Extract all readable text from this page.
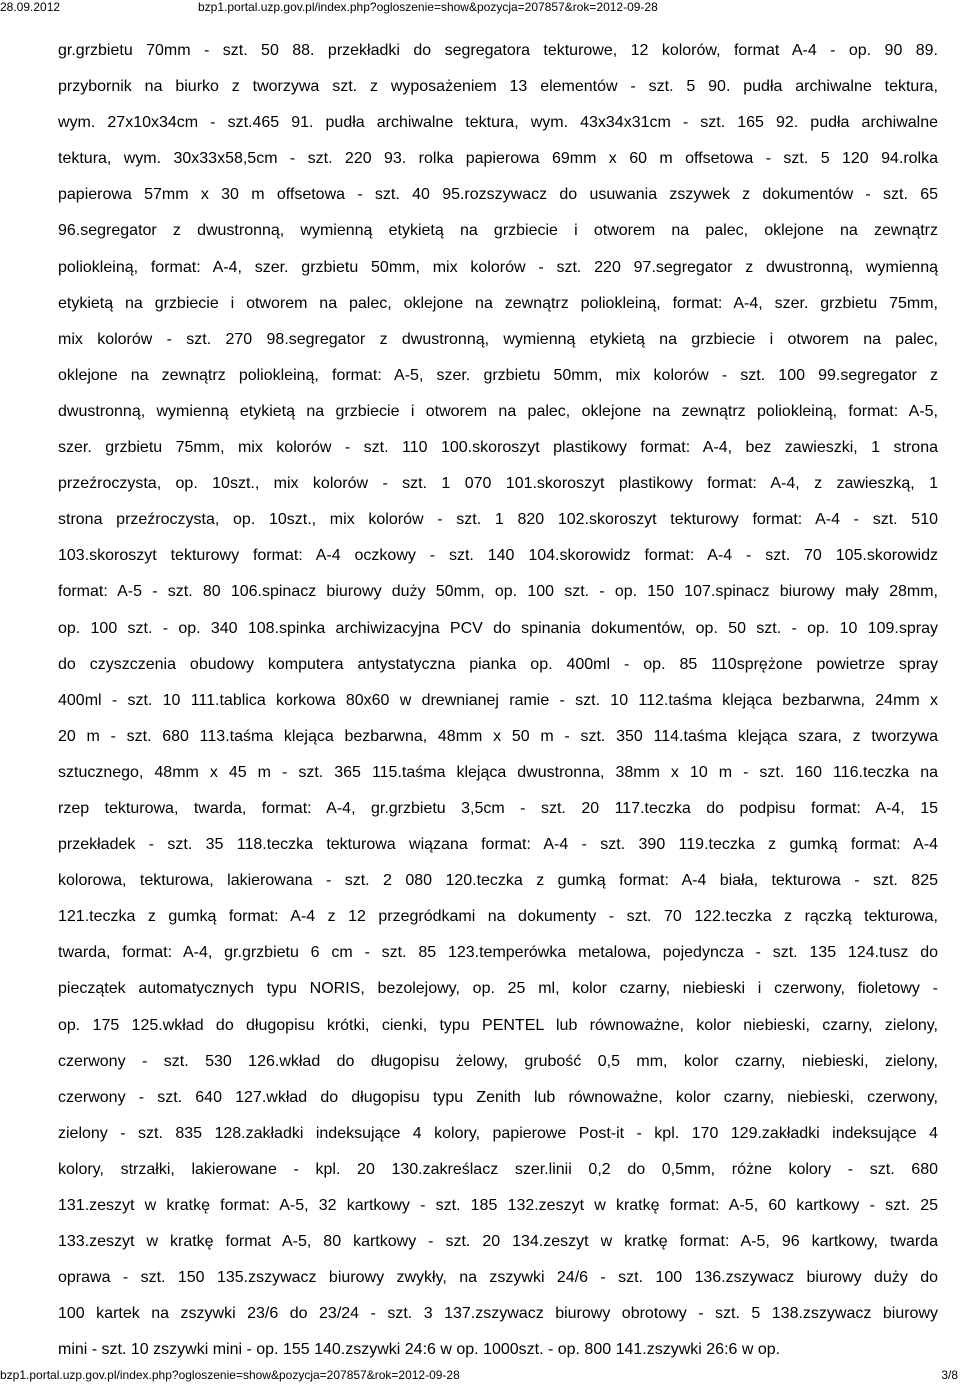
28.09.2012	bzp1.portal.uzp.gov.pl/index.php?ogloszenie=show&pozycja=207857&rok=2012-09-28
gr.grzbietu 70mm - szt. 50 88. przekładki do segregatora tekturowe, 12 kolorów, format A-4 - op. 90 89.
przybornik na biurko z tworzywa szt. z wyposażeniem 13 elementów - szt. 5 90. pudła archiwalne tektura,
wym. 27x10x34cm - szt.465 91. pudła archiwalne tektura, wym. 43x34x31cm - szt. 165 92. pudła archiwalne
tektura, wym. 30x33x58,5cm - szt. 220 93. rolka papierowa 69mm x 60 m offsetowa - szt. 5 120 94.rolka
papierowa 57mm x 30 m offsetowa - szt. 40 95.rozszywacz do usuwania zszywek z dokumentów - szt. 65
96.segregator z dwustronną, wymienną etykietą na grzbiecie i otworem na palec, oklejone na zewnątrz
poliokleiną, format: A-4, szer. grzbietu 50mm, mix kolorów - szt. 220 97.segregator z dwustronną, wymienną
etykietą na grzbiecie i otworem na palec, oklejone na zewnątrz poliokleiną, format: A-4, szer. grzbietu 75mm,
mix kolorów - szt. 270 98.segregator z dwustronną, wymienną etykietą na grzbiecie i otworem na palec,
oklejone na zewnątrz poliokleiną, format: A-5, szer. grzbietu 50mm, mix kolorów - szt. 100 99.segregator z
dwustronną, wymienną etykietą na grzbiecie i otworem na palec, oklejone na zewnątrz poliokleiną, format: A-5,
szer. grzbietu 75mm, mix kolorów - szt. 110 100.skoroszyt plastikowy format: A-4, bez zawieszki, 1 strona
przeźroczysta, op. 10szt., mix kolorów - szt. 1 070 101.skoroszyt plastikowy format: A-4, z zawieszką, 1
strona przeźroczysta, op. 10szt., mix kolorów - szt. 1 820 102.skoroszyt tekturowy format: A-4 - szt. 510
103.skoroszyt tekturowy format: A-4 oczkowy - szt. 140 104.skorowidz format: A-4 - szt. 70 105.skorowidz
format: A-5 - szt. 80 106.spinacz biurowy duży 50mm, op. 100 szt. - op. 150 107.spinacz biurowy mały 28mm,
op. 100 szt. - op. 340 108.spinka archiwizacyjna PCV do spinania dokumentów, op. 50 szt. - op. 10 109.spray
do czyszczenia obudowy komputera antystatyczna pianka op. 400ml - op. 85 110sprężone powietrze spray
400ml - szt. 10 111.tablica korkowa 80x60 w drewnianej ramie - szt. 10 112.taśma klejąca bezbarwna, 24mm x
20 m - szt. 680 113.taśma klejąca bezbarwna, 48mm x 50 m - szt. 350 114.taśma klejąca szara, z tworzywa
sztucznego, 48mm x 45 m - szt. 365 115.taśma klejąca dwustronna, 38mm x 10 m - szt. 160 116.teczka na
rzep tekturowa, twarda, format: A-4, gr.grzbietu 3,5cm - szt. 20 117.teczka do podpisu format: A-4, 15
przekładek - szt. 35 118.teczka tekturowa wiązana format: A-4 - szt. 390 119.teczka z gumką format: A-4
kolorowa, tekturowa, lakierowana - szt. 2 080 120.teczka z gumką format: A-4 biała, tekturowa - szt. 825
121.teczka z gumką format: A-4 z 12 przegródkami na dokumenty - szt. 70 122.teczka z rączką tekturowa,
twarda, format: A-4, gr.grzbietu 6 cm - szt. 85 123.temperówka metalowa, pojedyncza - szt. 135 124.tusz do
pieczątek automatycznych typu NORIS, bezolejowy, op. 25 ml, kolor czarny, niebieski i czerwony, fioletowy -
op. 175 125.wkład do długopisu krótki, cienki, typu PENTEL lub równoważne, kolor niebieski, czarny, zielony,
czerwony - szt. 530 126.wkład do długopisu żelowy, grubość 0,5 mm, kolor czarny, niebieski, zielony,
czerwony - szt. 640 127.wkład do długopisu typu Zenith lub równoważne, kolor czarny, niebieski, czerwony,
zielony - szt. 835 128.zakładki indeksujące 4 kolory, papierowe Post-it - kpl. 170 129.zakładki indeksujące 4
kolory, strzałki, lakierowane - kpl. 20 130.zakreślacz szer.linii 0,2 do 0,5mm, różne kolory - szt. 680
131.zeszyt w kratkę format: A-5, 32 kartkowy - szt. 185 132.zeszyt w kratkę format: A-5, 60 kartkowy - szt. 25
133.zeszyt w kratkę format A-5, 80 kartkowy - szt. 20 134.zeszyt w kratkę format: A-5, 96 kartkowy, twarda
oprawa - szt. 150 135.zszywacz biurowy zwykły, na zszywki 24/6 - szt. 100 136.zszywacz biurowy duży do
100 kartek na zszywki 23/6 do 23/24 - szt. 3 137.zszywacz biurowy obrotowy - szt. 5 138.zszywacz biurowy
mini - szt. 10 zszywki mini - op. 155 140.zszywki 24:6 w op. 1000szt. - op. 800 141.zszywki 26:6 w op.
bzp1.portal.uzp.gov.pl/index.php?ogloszenie=show&pozycja=207857&rok=2012-09-28	3/8
